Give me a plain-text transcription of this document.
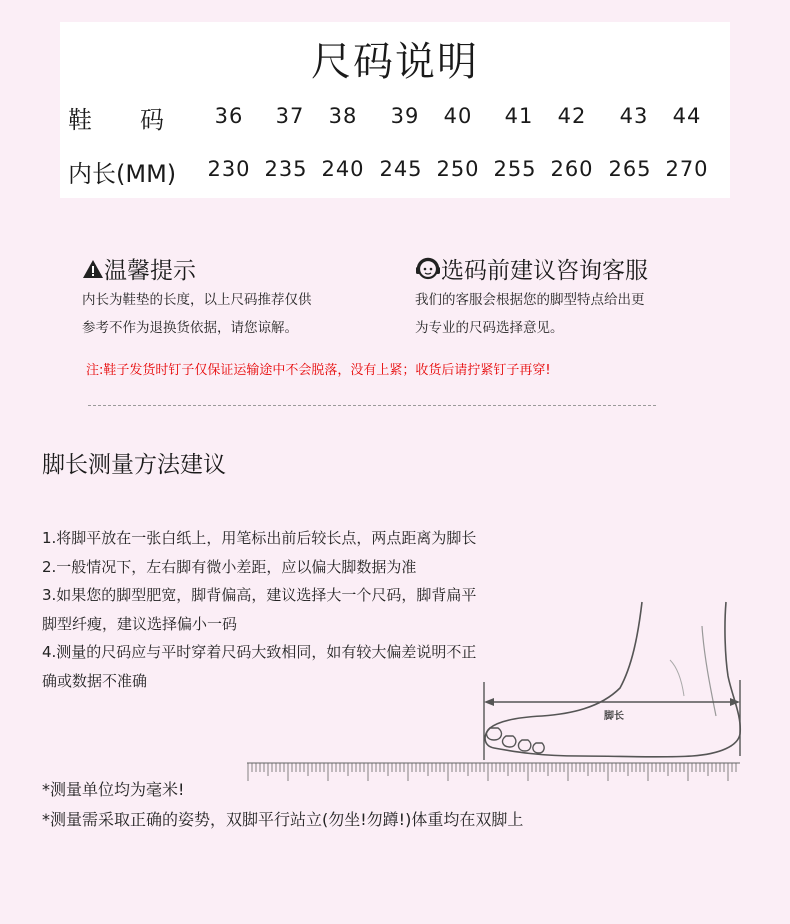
尺码说明
鞋　　码	36	37	38	39	40	41	42	43	44
内长(MM)	230 235 240 245 250 255 260 265 270
温馨提示
内长为鞋垫的长度，以上尺码推荐仅供
参考不作为退换货依据，请您谅解。
选码前建议咨询客服
我们的客服会根据您的脚型特点给出更
为专业的尺码选择意见。
注:鞋子发货时钉子仅保证运输途中不会脱落，没有上紧；收货后请拧紧钉子再穿!
脚长测量方法建议
1.将脚平放在一张白纸上，用笔标出前后较长点，两点距离为脚长
2.一般情况下，左右脚有微小差距，应以偏大脚数据为准
3.如果您的脚型肥宽，脚背偏高，建议选择大一个尺码，脚背扁平
脚型纤瘦，建议选择偏小一码
4.测量的尺码应与平时穿着尺码大致相同，如有较大偏差说明不正
确或数据不准确
脚长
*测量单位均为毫米!
*测量需采取正确的姿势，双脚平行站立(勿坐!勿蹲!)体重均在双脚上
